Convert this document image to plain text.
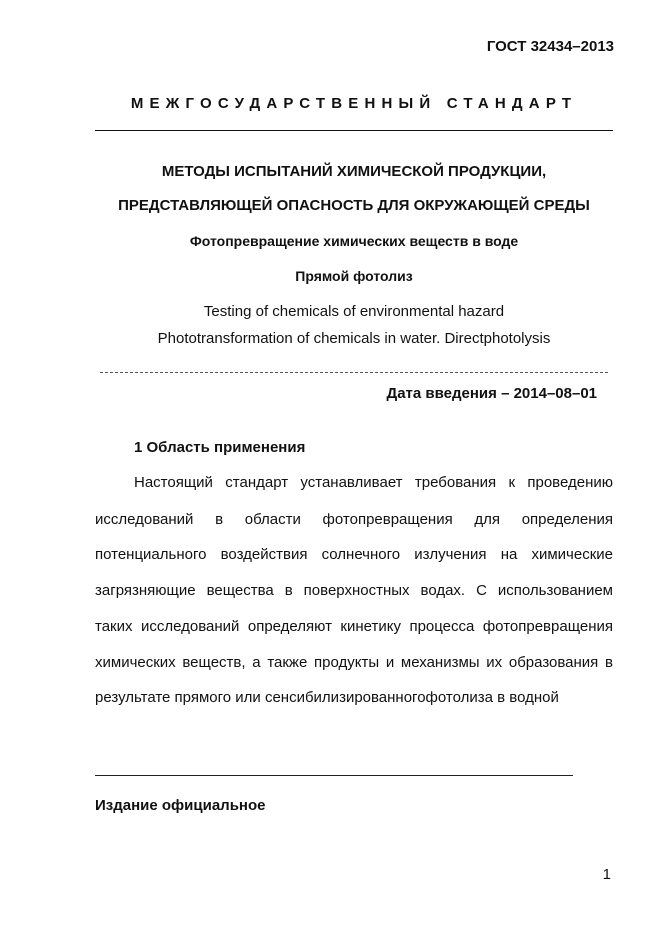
ГОСТ 32434–2013
МЕЖГОСУДАРСТВЕННЫЙ СТАНДАРТ
МЕТОДЫ ИСПЫТАНИЙ ХИМИЧЕСКОЙ ПРОДУКЦИИ,
ПРЕДСТАВЛЯЮЩЕЙ ОПАСНОСТЬ ДЛЯ ОКРУЖАЮЩЕЙ СРЕДЫ
Фотопревращение химических веществ в воде
Прямой фотолиз
Testing of chemicals of environmental hazard
Phototransformation of chemicals in water. Directphotolysis
Дата введения – 2014–08–01
1 Область применения
Настоящий стандарт устанавливает требования к проведению
исследований в области фотопревращения для определения
потенциального воздействия солнечного излучения на химические
загрязняющие вещества в поверхностных водах. С использованием
таких исследований определяют кинетику процесса фотопревращения
химических веществ, а также продукты и механизмы их образования в
результате прямого или сенсибилизированногофотолиза в водной
Издание официальное
1
